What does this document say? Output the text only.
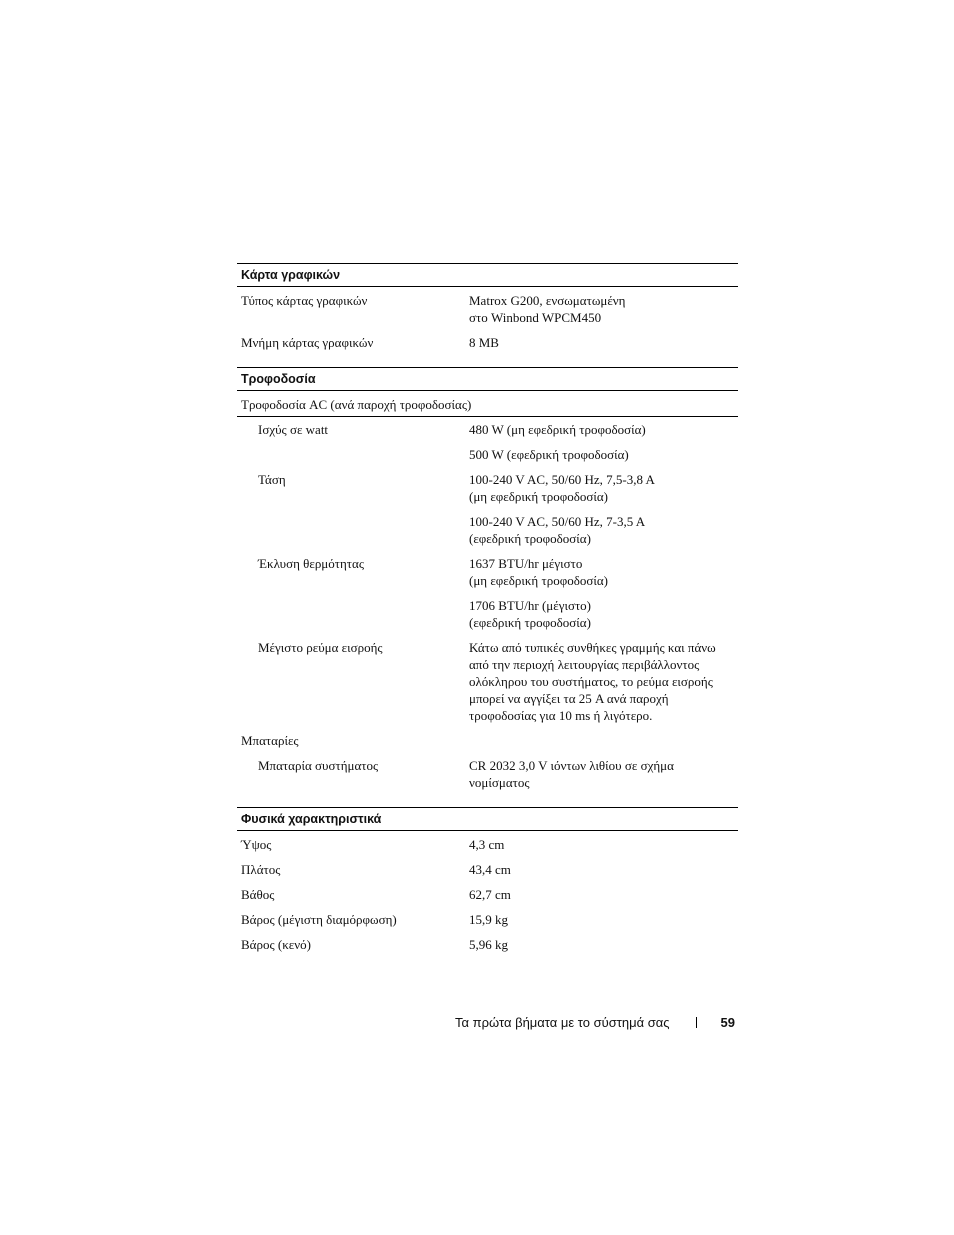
Κάρτα γραφικών
Τύπος κάρτας γραφικών	Matrox G200, ενσωματωμένη
στο Winbond WPCM450
Μνήμη κάρτας γραφικών	8 MB
Τροφοδοσία
Τροφοδοσία AC (ανά παροχή τροφοδοσίας)
Ισχύς σε watt	480 W (μη εφεδρική τροφοδοσία)
500 W (εφεδρική τροφοδοσία)
Τάση	100-240 V AC, 50/60 Hz, 7,5-3,8 A
(μη εφεδρική τροφοδοσία)
100-240 V AC, 50/60 Hz, 7-3,5 A
(εφεδρική τροφοδοσία)
Έκλυση θερμότητας	1637 BTU/hr μέγιστο
(μη εφεδρική τροφοδοσία)
1706 BTU/hr (μέγιστο)
(εφεδρική τροφοδοσία)
Μέγιστο ρεύμα εισροής	Κάτω από τυπικές συνθήκες γραμμής και πάνω
από την περιοχή λειτουργίας περιβάλλοντος
ολόκληρου του συστήματος, το ρεύμα εισροής
μπορεί να αγγίξει τα 25 A ανά παροχή
τροφοδοσίας για 10 ms ή λιγότερο.
Μπαταρίες
Μπαταρία συστήματος	CR 2032 3,0 V ιόντων λιθίου σε σχήμα
νομίσματος
Φυσικά χαρακτηριστικά
Ύψος	4,3 cm
Πλάτος	43,4 cm
Βάθος	62,7 cm
Βάρος (μέγιστη διαμόρφωση)	15,9 kg
Βάρος (κενό)	5,96 kg
Τα πρώτα βήματα με το σύστημά σας	59
